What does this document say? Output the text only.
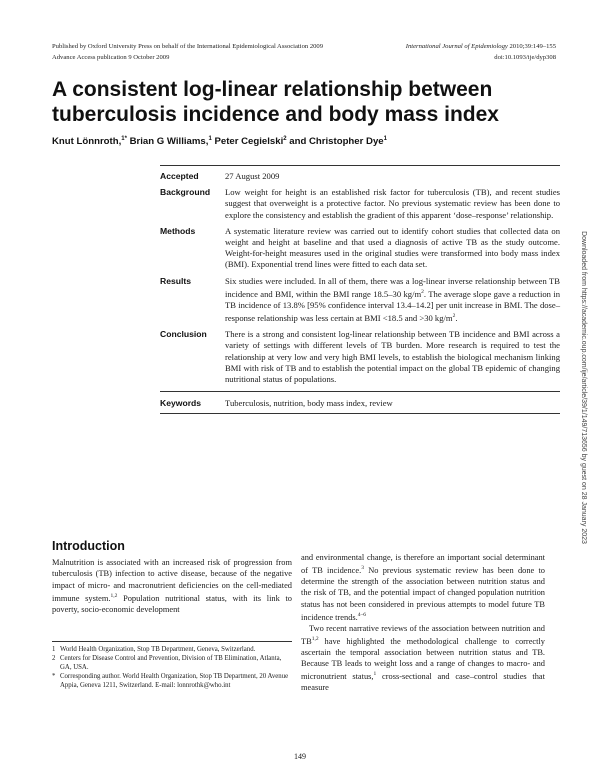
Published by Oxford University Press on behalf of the International Epidemiological Association 2009
Advance Access publication 9 October 2009
International Journal of Epidemiology 2010;39:149–155
doi:10.1093/ije/dyp308
A consistent log-linear relationship between tuberculosis incidence and body mass index
Knut Lönnroth,$^{1*}$ Brian G Williams,$^1$ Peter Cegielski$^2$ and Christopher Dye$^1$
Accepted	27 August 2009
Background	Low weight for height is an established risk factor for tuberculosis (TB), and recent studies suggest that overweight is a protective factor. No previous systematic review has been done to explore the consistency and establish the gradient of this apparent ‘dose–response’ relationship.
Methods	A systematic literature review was carried out to identify cohort studies that collected data on weight and height at baseline and that used a diagnosis of active TB as the study outcome. Weight-for-height measures used in the original studies were transformed into body mass index (BMI). Exponential trend lines were fitted to each data set.
Results	Six studies were included. In all of them, there was a log-linear inverse relationship between TB incidence and BMI, within the BMI range 18.5–30 $kg/m^2$. The average slope gave a reduction in TB incidence of 13.8% [95% confidence interval 13.4–14.2] per unit increase in BMI. The dose–response relationship was less certain at BMI <18.5 and >30 $kg/m^2$.
Conclusion	There is a strong and consistent log-linear relationship between TB incidence and BMI across a variety of settings with different levels of TB burden. More research is required to test the relationship at very low and very high BMI levels, to establish the biological mechanism linking BMI with risk of TB and to establish the potential impact on the global TB epidemic of changing nutritional status of populations.
Keywords	Tuberculosis, nutrition, body mass index, review	Downloaded from https://academic.oup.com/ije/article/39/1/149/713656 by guest on 28 January 2023
Introduction
Malnutrition is associated with an increased risk of progression from tuberculosis (TB) infection to active disease, because of the negative impact of micro- and macronutrient deficiencies on the cell-mediated immune system.$^{1,2}$ Population nutritional status, with its link to poverty, socio-economic development
1 World Health Organization, Stop TB Department, Geneva, Switzerland.
2 Centers for Disease Control and Prevention, Division of TB Elimination, Atlanta, GA, USA.
* Corresponding author. World Health Organization, Stop TB Department, 20 Avenue Appia, Geneva 1211, Switzerland. E-mail: lonnrothk@who.int
and environmental change, is therefore an important social determinant of TB incidence.$^3$ No previous systematic review has been done to determine the strength of the association between nutrition status and the risk of TB, and the potential impact of changed population nutrition status has not been considered in previous attempts to model future TB incidence trends.$^{4-6}$
Two recent narrative reviews of the association between nutrition and TB$^{1,2}$ have highlighted the methodological challenge to correctly ascertain the temporal association between nutrition status and TB. Because TB leads to weight loss and a range of changes to macro- and micronutrient status,$^1$ cross-sectional and case–control studies that measure
149
